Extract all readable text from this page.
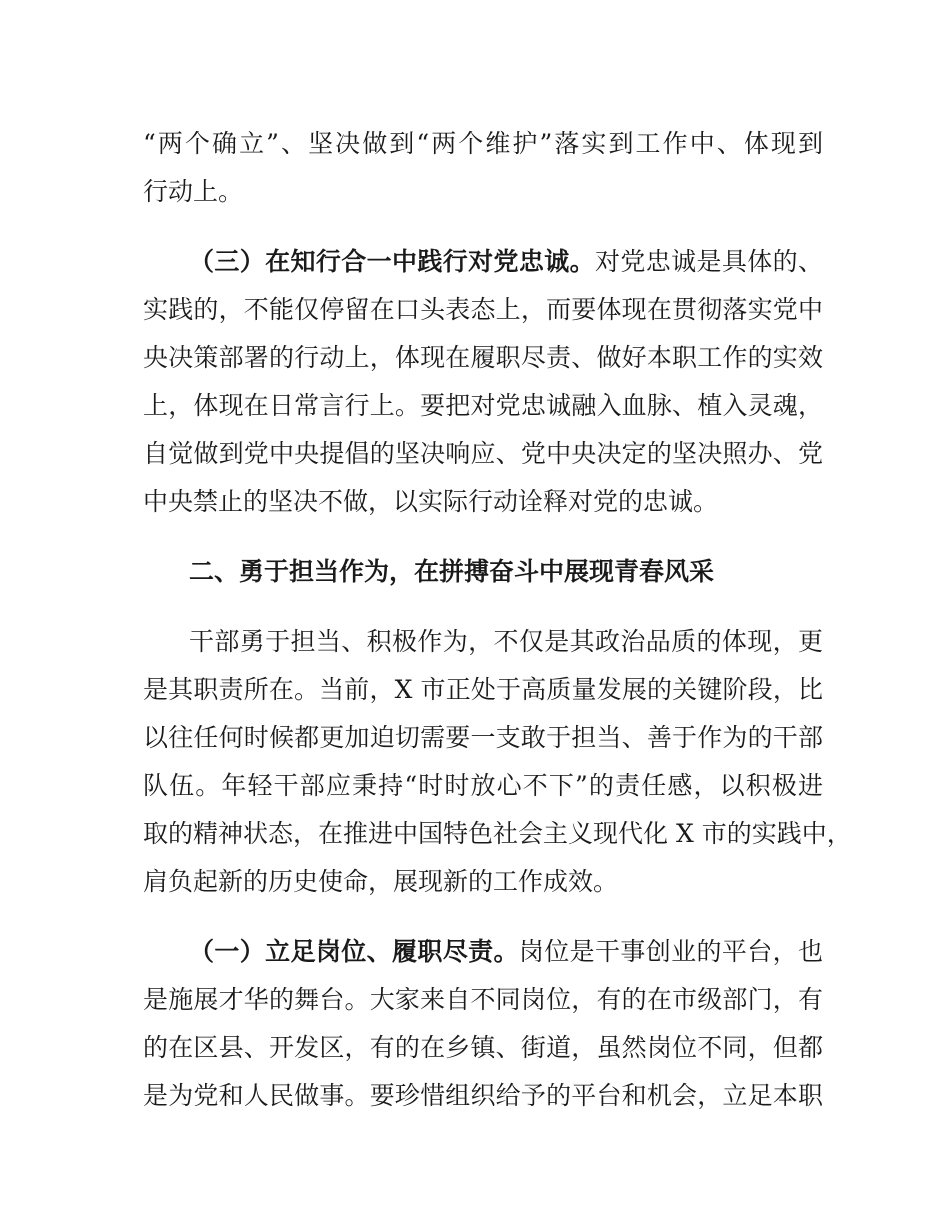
“两个确立”、坚决做到“两个维护”落实到工作中、体现到
行动上。
（三）在知行合一中践行对党忠诚。对党忠诚是具体的、
实践的，不能仅停留在口头表态上，而要体现在贯彻落实党中
央决策部署的行动上，体现在履职尽责、做好本职工作的实效
上，体现在日常言行上。要把对党忠诚融入血脉、植入灵魂，
自觉做到党中央提倡的坚决响应、党中央决定的坚决照办、党
中央禁止的坚决不做，以实际行动诠释对党的忠诚。
二、勇于担当作为，在拼搏奋斗中展现青春风采
干部勇于担当、积极作为，不仅是其政治品质的体现，更
是其职责所在。当前，X 市正处于高质量发展的关键阶段，比
以往任何时候都更加迫切需要一支敢于担当、善于作为的干部
队伍。年轻干部应秉持“时时放心不下”的责任感，以积极进
取的精神状态，在推进中国特色社会主义现代化 X 市的实践中，
肩负起新的历史使命，展现新的工作成效。
（一）立足岗位、履职尽责。岗位是干事创业的平台，也
是施展才华的舞台。大家来自不同岗位，有的在市级部门，有
的在区县、开发区，有的在乡镇、街道，虽然岗位不同，但都
是为党和人民做事。要珍惜组织给予的平台和机会，立足本职
